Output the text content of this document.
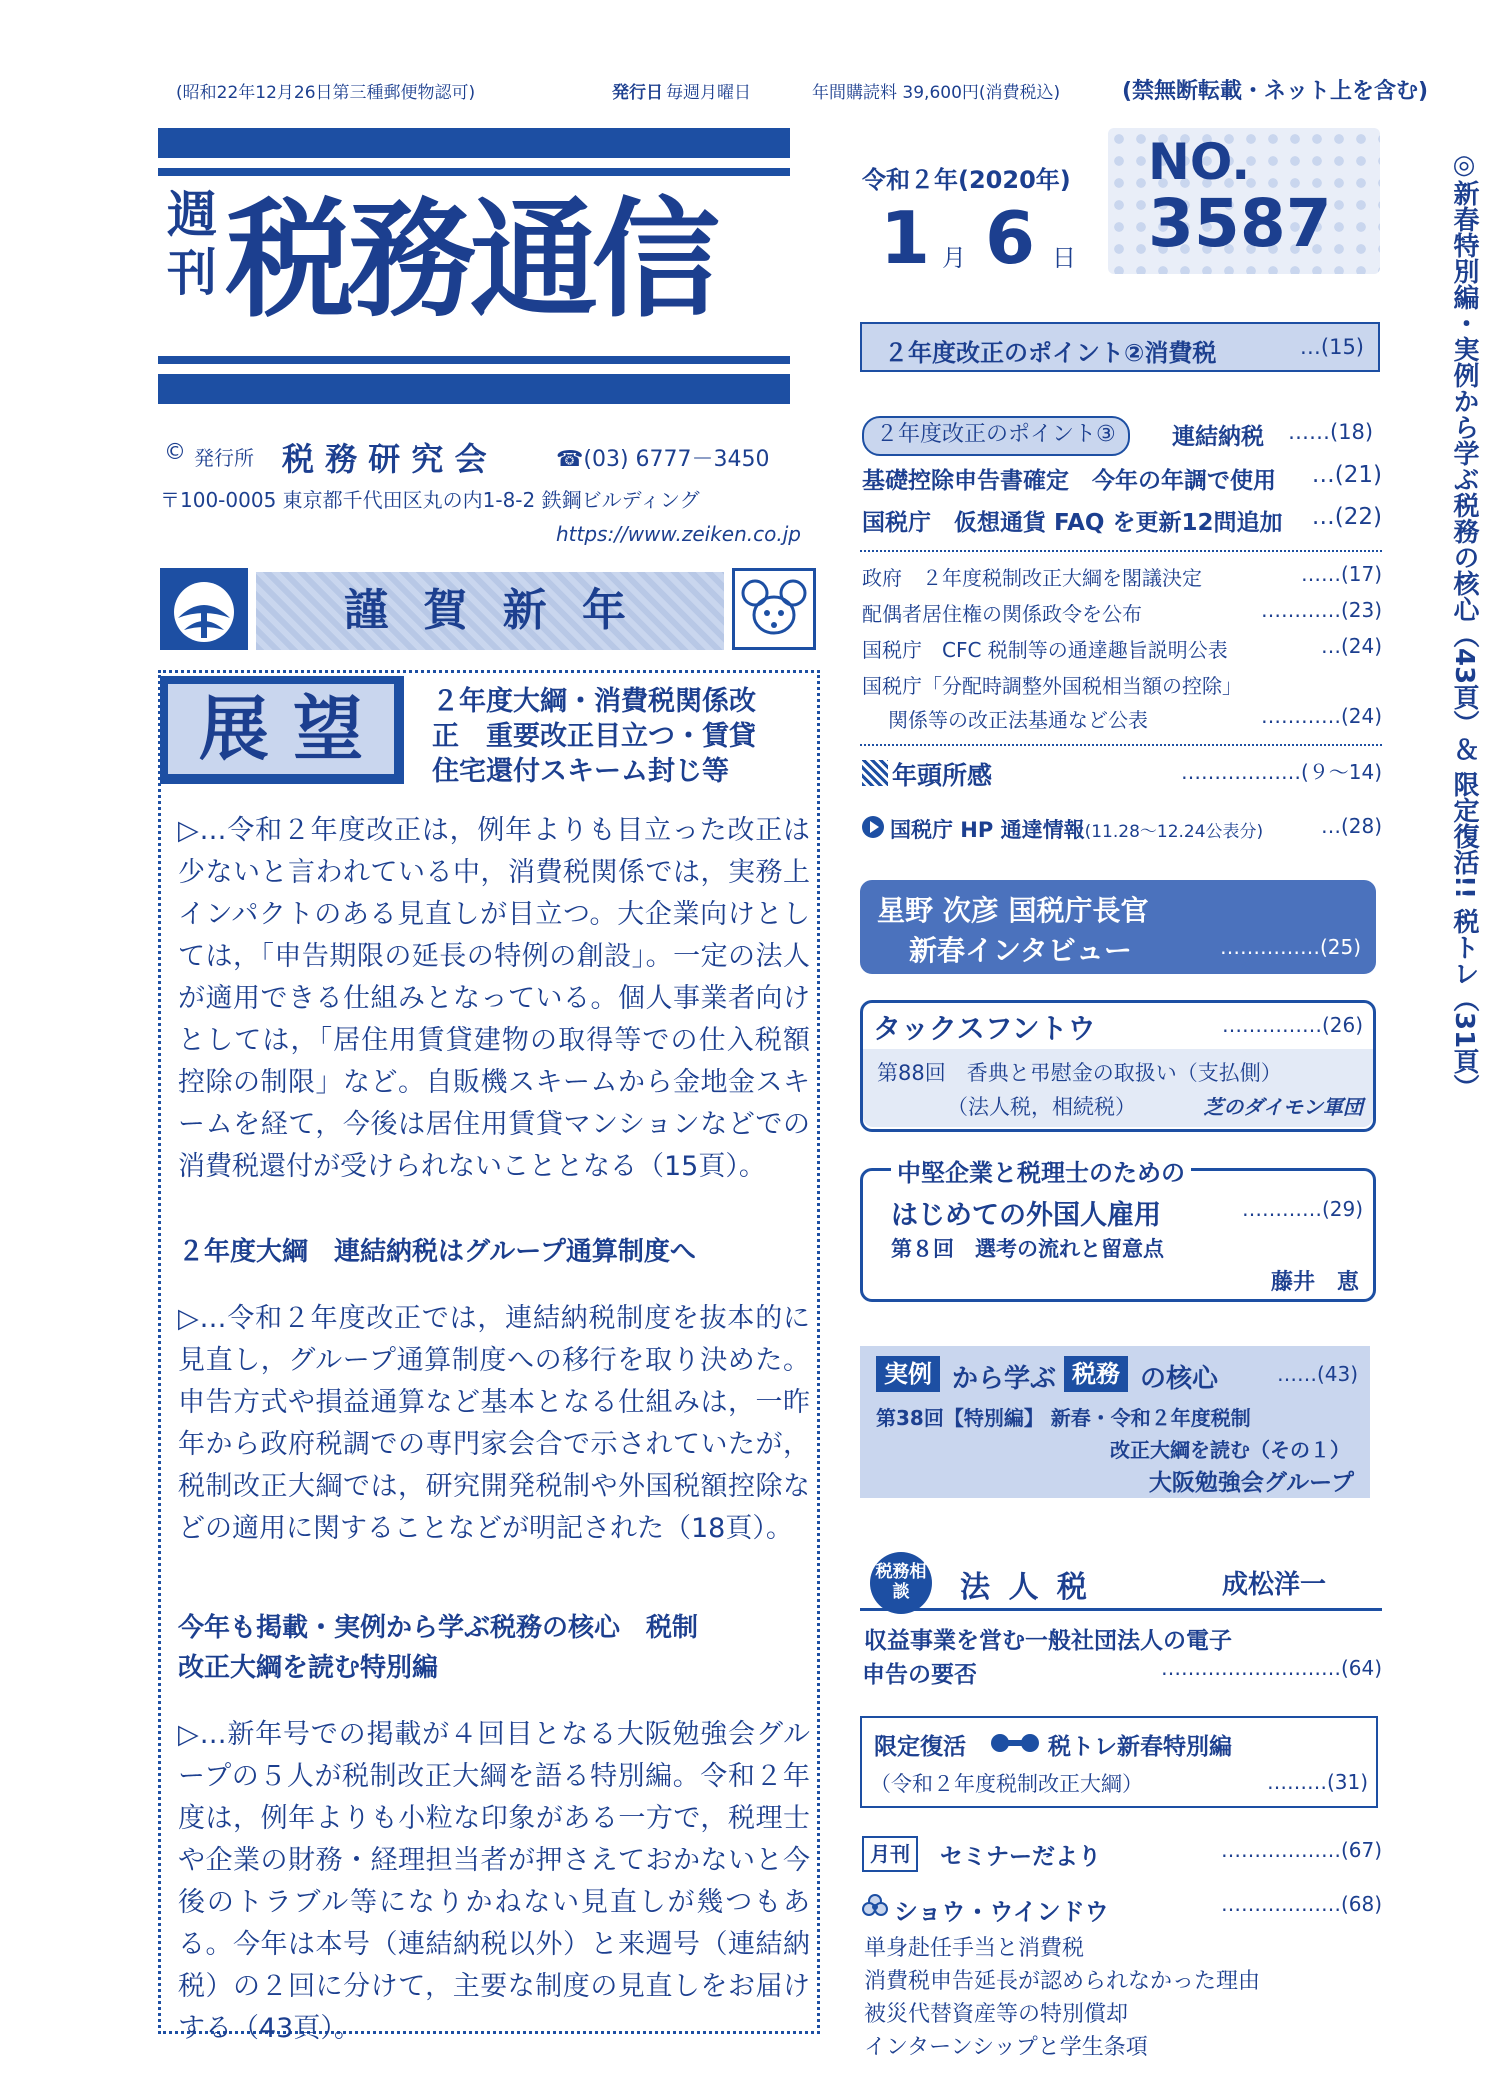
(昭和22年12月26日第三種郵便物認可)	発行日 毎週月曜日	年間購読料 39,600円(消費税込)	(禁無断転載・ネット上を含む)
週刊 税務通信
令和２年(2020年)
1 月 6 日
NO.
3587
© 発行所 税 務 研 究 会	☎(03) 6777－3450
〒100-0005 東京都千代田区丸の内1-8-2 鉄鋼ビルディング
https://www.zeiken.co.jp
謹 賀 新 年
展 望	２年度大綱・消費税関係改
正　重要改正目立つ・賃貸
住宅還付スキーム封じ等
▷…令和２年度改正は，例年よりも目立った改正は少ないと言われている中，消費税関係では，実務上インパクトのある見直しが目立つ。大企業向けとしては，「申告期限の延長の特例の創設」。一定の法人が適用できる仕組みとなっている。個人事業者向けとしては，「居住用賃貸建物の取得等での仕入税額控除の制限」など。自販機スキームから金地金スキームを経て，今後は居住用賃貸マンションなどでの消費税還付が受けられないこととなる（15頁）。
２年度大綱　連結納税はグループ通算制度へ
▷…令和２年度改正では，連結納税制度を抜本的に見直し，グループ通算制度への移行を取り決めた。申告方式や損益通算など基本となる仕組みは，一昨年から政府税調での専門家会合で示されていたが，税制改正大綱では，研究開発税制や外国税額控除などの適用に関することなどが明記された（18頁）。
今年も掲載・実例から学ぶ税務の核心　税制
改正大綱を読む特別編
▷…新年号での掲載が４回目となる大阪勉強会グループの５人が税制改正大綱を語る特別編。令和２年度は，例年よりも小粒な印象がある一方で，税理士や企業の財務・経理担当者が押さえておかないと今後のトラブル等になりかねない見直しが幾つもある。今年は本号（連結納税以外）と来週号（連結納税）の２回に分けて，主要な制度の見直しをお届けする（43頁）。
２年度改正のポイント②消費税	…(15)
２年度改正のポイント③	連結納税 ……(18)
基礎控除申告書確定　今年の年調で使用 …(21)
国税庁　仮想通貨 FAQ を更新12問追加 …(22)
政府　２年度税制改正大綱を閣議決定	……(17)
配偶者居住権の関係政令を公布	…………(23)
国税庁　CFC 税制等の通達趣旨説明公表	…(24)
国税庁「分配時調整外国税相当額の控除」
関係等の改正法基通など公表	…………(24)
年頭所感	………………(９～14)
国税庁 HP 通達情報(11.28～12.24公表分)	…(28)
星野 次彦 国税庁長官
新春インタビュー	……………(25)
タックスフントウ	……………(26)
第88回　香典と弔慰金の取扱い（支払側）
（法人税，相続税）	芝のダイモン軍団
中堅企業と税理士のための
はじめての外国人雇用	…………(29)
第８回　選考の流れと留意点
藤井　恵
実例 から学ぶ 税務 の核心	……(43)
第38回【特別編】 新春・令和２年度税制
改正大綱を読む（その１）
大阪勉強会グループ
税務相談	法 人 税	成松洋一
収益事業を営む一般社団法人の電子
申告の要否	………………………(64)
限定復活	税トレ新春特別編
（令和２年度税制改正大綱）	………(31)
月刊	セミナーだより	………………(67)
ショウ・ウインドウ	………………(68)
単身赴任手当と消費税
消費税申告延長が認められなかった理由
被災代替資産等の特別償却
インターンシップと学生条項
◎新春特別編・実例から学ぶ税務の核心（43頁）＆ 限定復活!! 税トレ（31頁）
